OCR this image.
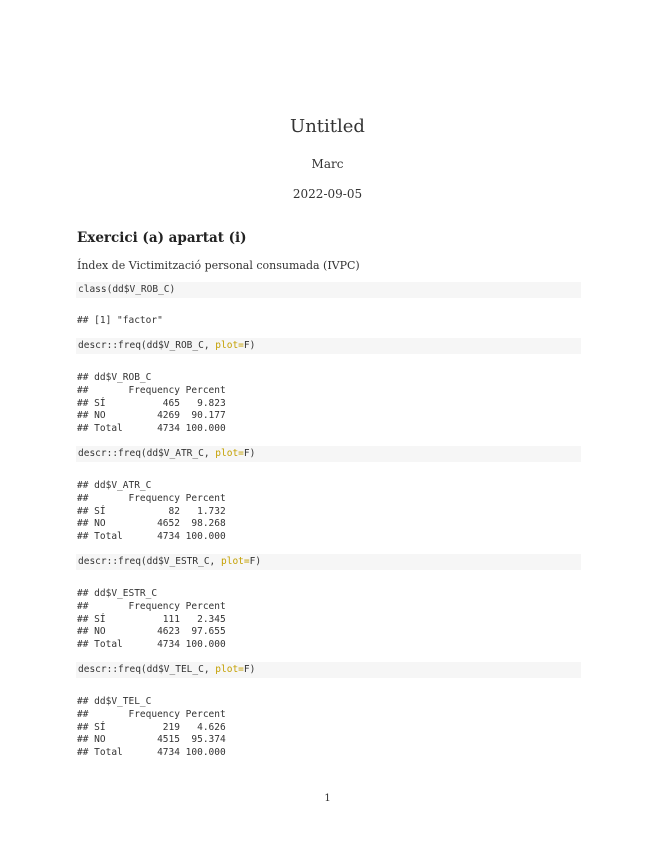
Untitled
Marc
2022-09-05
Exercici (a) apartat (i)
Índex de Victimització personal consumada (IVPC)
class(dd$V_ROB_C)
## [1] "factor"
descr::freq(dd$V_ROB_C, plot=F)
## dd$V_ROB_C
##       Frequency Percent
## SÍ          465   9.823
## NO         4269  90.177
## Total      4734 100.000
descr::freq(dd$V_ATR_C, plot=F)
## dd$V_ATR_C
##       Frequency Percent
## SÍ           82   1.732
## NO         4652  98.268
## Total      4734 100.000
descr::freq(dd$V_ESTR_C, plot=F)
## dd$V_ESTR_C
##       Frequency Percent
## SÍ          111   2.345
## NO         4623  97.655
## Total      4734 100.000
descr::freq(dd$V_TEL_C, plot=F)
## dd$V_TEL_C
##       Frequency Percent
## SÍ          219   4.626
## NO         4515  95.374
## Total      4734 100.000
1
